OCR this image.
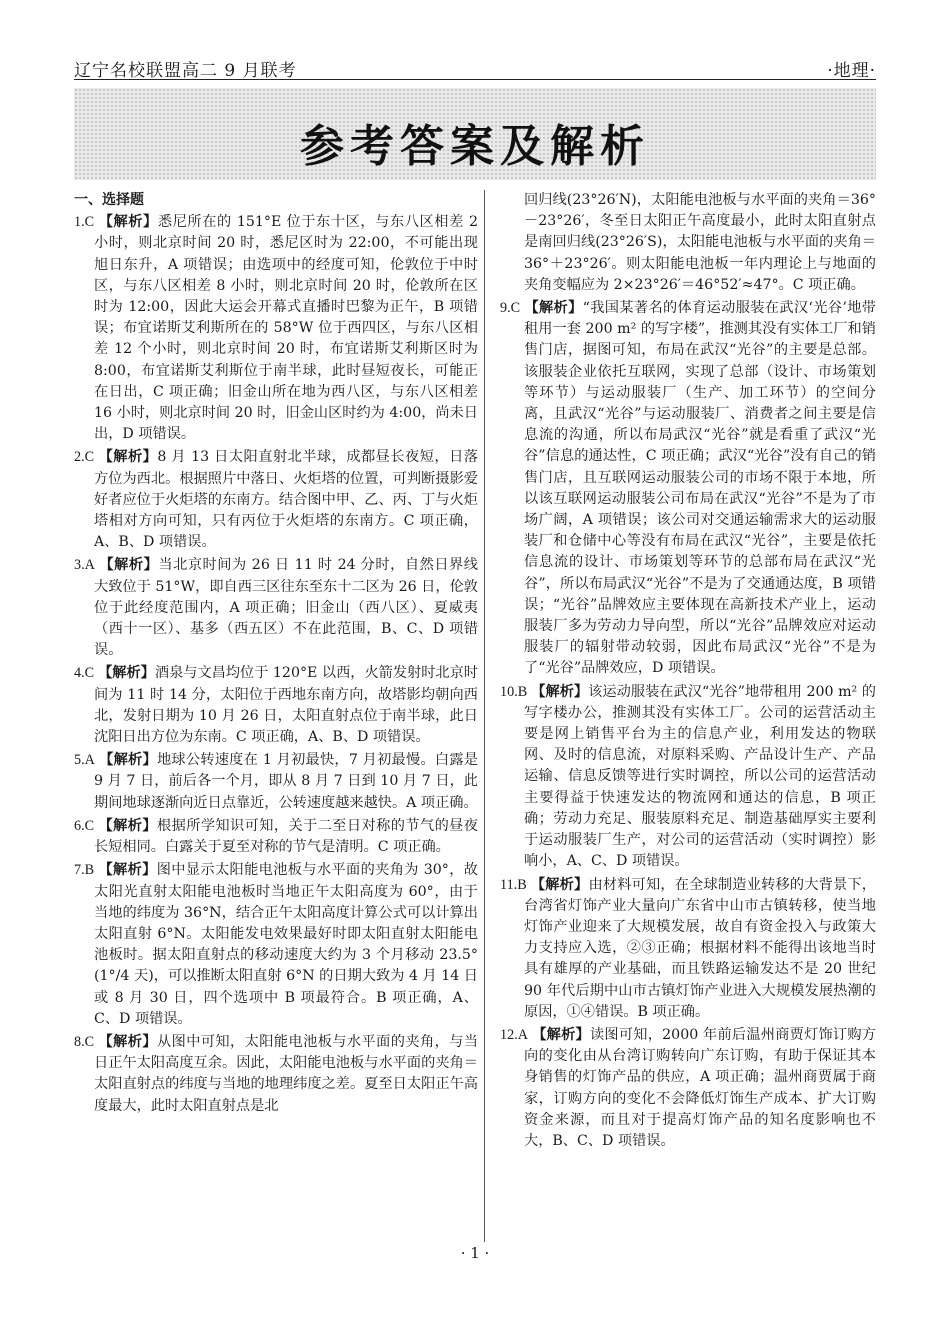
辽宁名校联盟高二 9 月联考	·地理·
参考答案及解析
一、选择题

1.C 【解析】悉尼所在的 151°E 位于东十区，与东八区相差 2 小时，则北京时间 20 时，悉尼区时为 22:00，不可能出现旭日东升，A 项错误；由选项中的经度可知，伦敦位于中时区，与东八区相差 8 小时，则北京时间 20 时，伦敦所在区时为 12:00，因此大运会开幕式直播时巴黎为正午，B 项错误；布宜诺斯艾利斯所在的 58°W 位于西四区，与东八区相差 12 个小时，则北京时间 20 时，布宜诺斯艾利斯区时为 8:00，布宜诺斯艾利斯位于南半球，此时昼短夜长，可能正在日出，C 项正确；旧金山所在地为西八区，与东八区相差 16 小时，则北京时间 20 时，旧金山区时约为 4:00，尚未日出，D 项错误。

2.C 【解析】8 月 13 日太阳直射北半球，成都昼长夜短，日落方位为西北。根据照片中落日、火炬塔的位置，可判断摄影爱好者应位于火炬塔的东南方。结合图中甲、乙、丙、丁与火炬塔相对方向可知，只有丙位于火炬塔的东南方。C 项正确，A、B、D 项错误。

3.A 【解析】当北京时间为 26 日 11 时 24 分时，自然日界线大致位于 51°W，即自西三区往东至东十二区为 26 日，伦敦位于此经度范围内，A 项正确；旧金山（西八区）、夏威夷（西十一区）、基多（西五区）不在此范围，B、C、D 项错误。

4.C 【解析】酒泉与文昌均位于 120°E 以西，火箭发射时北京时间为 11 时 14 分，太阳位于西地东南方向，故塔影均朝向西北，发射日期为 10 月 26 日，太阳直射点位于南半球，此日沈阳日出方位为东南。C 项正确，A、B、D 项错误。

5.A 【解析】地球公转速度在 1 月初最快，7 月初最慢。白露是 9 月 7 日，前后各一个月，即从 8 月 7 日到 10 月 7 日，此期间地球逐渐向近日点靠近，公转速度越来越快。A 项正确。

6.C 【解析】根据所学知识可知，关于二至日对称的节气的昼夜长短相同。白露关于夏至对称的节气是清明。C 项正确。

7.B 【解析】图中显示太阳能电池板与水平面的夹角为 30°，故太阳光直射太阳能电池板时当地正午太阳高度为 60°，由于当地的纬度为 36°N，结合正午太阳高度计算公式可以计算出太阳直射 6°N。太阳能发电效果最好时即太阳直射太阳能电池板时。据太阳直射点的移动速度大约为 3 个月移动 23.5°(1°/4 天)，可以推断太阳直射 6°N 的日期大致为 4 月 14 日或 8 月 30 日，四个选项中 B 项最符合。B 项正确，A、C、D 项错误。

8.C 【解析】从图中可知，太阳能电池板与水平面的夹角，与当日正午太阳高度互余。因此，太阳能电池板与水平面的夹角＝太阳直射点的纬度与当地的地理纬度之差。夏至日太阳正午高度最大，此时太阳直射点是北

回归线(23°26′N)，太阳能电池板与水平面的夹角＝36°－23°26′，冬至日太阳正午高度最小，此时太阳直射点是南回归线(23°26′S)，太阳能电池板与水平面的夹角＝36°＋23°26′。则太阳能电池板一年内理论上与地面的夹角变幅应为 2×23°26′＝46°52′≈47°。C 项正确。

9.C 【解析】“我国某著名的体育运动服装在武汉‘光谷’地带租用一套 200 m² 的写字楼”，推测其没有实体工厂和销售门店，据图可知，布局在武汉“光谷”的主要是总部。该服装企业依托互联网，实现了总部（设计、市场策划等环节）与运动服装厂（生产、加工环节）的空间分离，且武汉“光谷”与运动服装厂、消费者之间主要是信息流的沟通，所以布局武汉“光谷”就是看重了武汉“光谷”信息的通达性，C 项正确；武汉“光谷”没有自己的销售门店，且互联网运动服装公司的市场不限于本地，所以该互联网运动服装公司布局在武汉“光谷”不是为了市场广阔，A 项错误；该公司对交通运输需求大的运动服装厂和仓储中心等没有布局在武汉“光谷”，主要是依托信息流的设计、市场策划等环节的总部布局在武汉“光谷”，所以布局武汉“光谷”不是为了交通通达度，B 项错误；“光谷”品牌效应主要体现在高新技术产业上，运动服装厂多为劳动力导向型，所以“光谷”品牌效应对运动服装厂的辐射带动较弱，因此布局武汉“光谷”不是为了“光谷”品牌效应，D 项错误。

10.B 【解析】该运动服装在武汉“光谷”地带租用 200 m² 的写字楼办公，推测其没有实体工厂。公司的运营活动主要是网上销售平台为主的信息产业，利用发达的物联网、及时的信息流，对原料采购、产品设计生产、产品运输、信息反馈等进行实时调控，所以公司的运营活动主要得益于快速发达的物流网和通达的信息，B 项正确；劳动力充足、服装原料充足、制造基础厚实主要利于运动服装厂生产，对公司的运营活动（实时调控）影响小，A、C、D 项错误。

11.B 【解析】由材料可知，在全球制造业转移的大背景下，台湾省灯饰产业大量向广东省中山市古镇转移，使当地灯饰产业迎来了大规模发展，故自有资金投入与政策大力支持应入选，②③正确；根据材料不能得出该地当时具有雄厚的产业基础，而且铁路运输发达不是 20 世纪 90 年代后期中山市古镇灯饰产业进入大规模发展热潮的原因，①④错误。B 项正确。

12.A 【解析】读图可知，2000 年前后温州商贾灯饰订购方向的变化由从台湾订购转向广东订购，有助于保证其本身销售的灯饰产品的供应，A 项正确；温州商贾属于商家，订购方向的变化不会降低灯饰生产成本、扩大订购资金来源，而且对于提高灯饰产品的知名度影响也不大，B、C、D 项错误。

· 1 ·
